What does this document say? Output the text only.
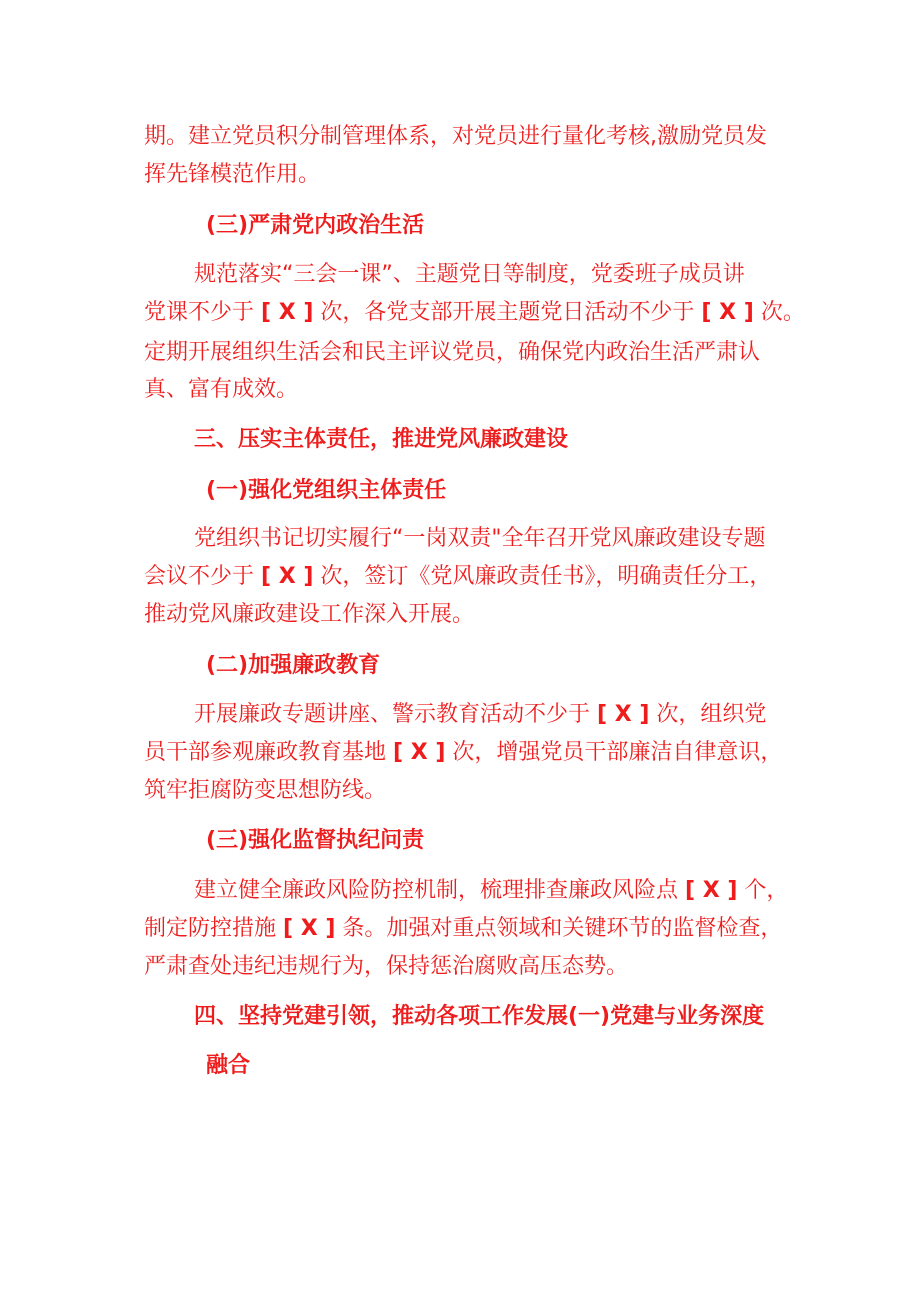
期。建立党员积分制管理体系，对党员进行量化考核,激励党员发
挥先锋模范作用。
(三)严肃党内政治生活
规范落实“三会一课”、主题党日等制度，党委班子成员讲
党课不少于 [ X ] 次，各党支部开展主题党日活动不少于 [ X ] 次。
定期开展组织生活会和民主评议党员，确保党内政治生活严肃认
真、富有成效。
三、压实主体责任，推进党风廉政建设
(一)强化党组织主体责任
党组织书记切实履行“一岗双责"全年召开党风廉政建设专题
会议不少于 [ X ] 次，签订《党风廉政责任书》，明确责任分工，
推动党风廉政建设工作深入开展。
(二)加强廉政教育
开展廉政专题讲座、警示教育活动不少于 [ X ] 次，组织党
员干部参观廉政教育基地 [ X ] 次，增强党员干部廉洁自律意识，
筑牢拒腐防变思想防线。
(三)强化监督执纪问责
建立健全廉政风险防控机制，梳理排查廉政风险点 [ X ] 个，
制定防控措施 [ X ] 条。加强对重点领域和关键环节的监督检查，
严肃查处违纪违规行为，保持惩治腐败高压态势。
四、坚持党建引领，推动各项工作发展(一)党建与业务深度
融合
